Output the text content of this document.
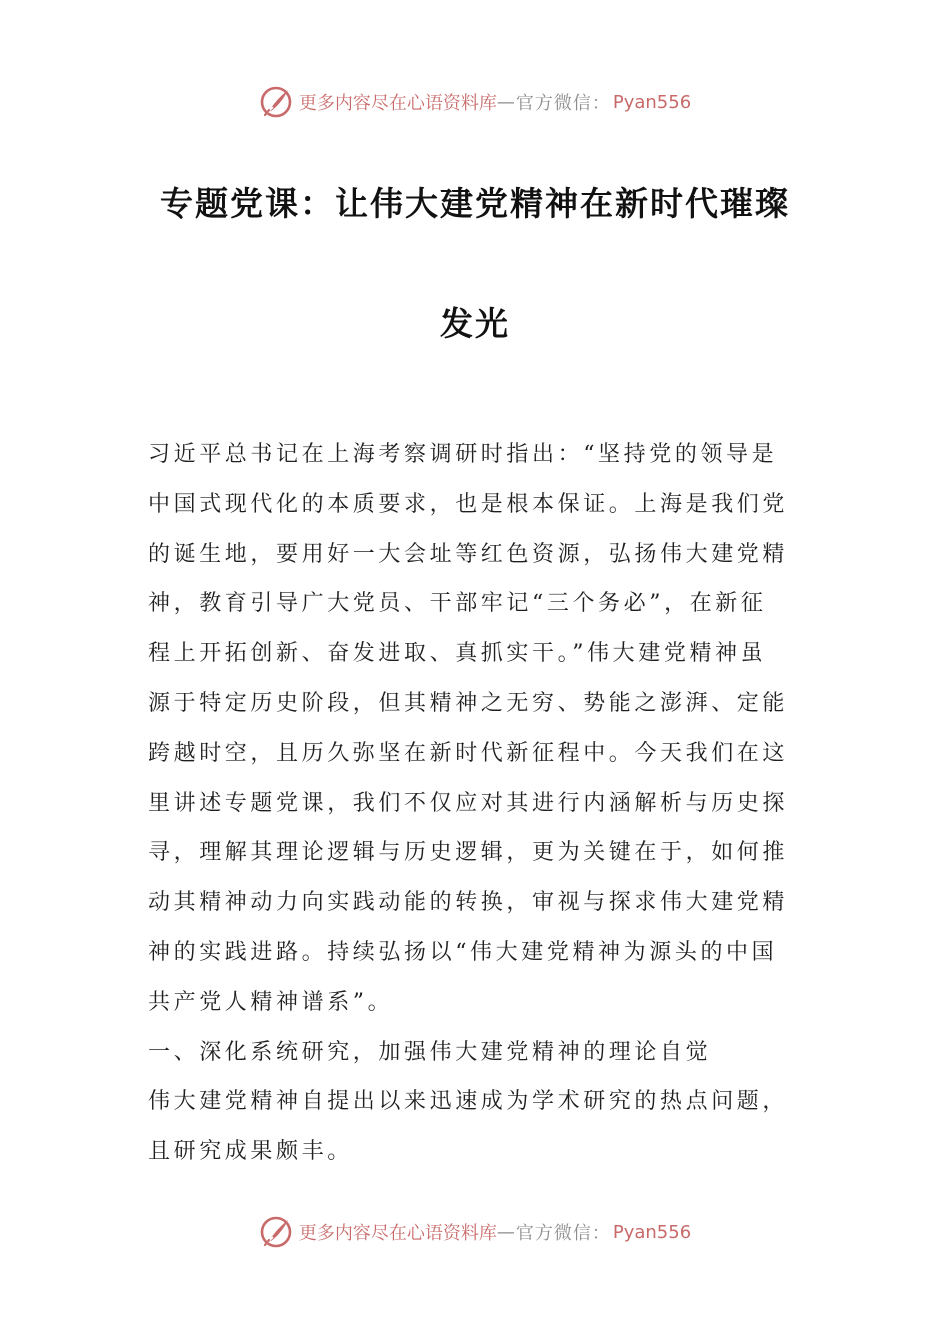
更多内容尽在心语资料库 — 官方微信： Pyan556
专题党课：让伟大建党精神在新时代璀璨
发光

习近平总书记在上海考察调研时指出：“坚持党的领导是
中国式现代化的本质要求，也是根本保证。上海是我们党
的诞生地，要用好一大会址等红色资源，弘扬伟大建党精
神，教育引导广大党员、干部牢记“三个务必”，在新征
程上开拓创新、奋发进取、真抓实干。”伟大建党精神虽
源于特定历史阶段，但其精神之无穷、势能之澎湃、定能
跨越时空，且历久弥坚在新时代新征程中。今天我们在这
里讲述专题党课，我们不仅应对其进行内涵解析与历史探
寻，理解其理论逻辑与历史逻辑，更为关键在于，如何推
动其精神动力向实践动能的转换，审视与探求伟大建党精
神的实践进路。持续弘扬以“伟大建党精神为源头的中国
共产党人精神谱系”。

一、深化系统研究，加强伟大建党精神的理论自觉

伟大建党精神自提出以来迅速成为学术研究的热点问题，
且研究成果颇丰。

更多内容尽在心语资料库 — 官方微信： Pyan556
